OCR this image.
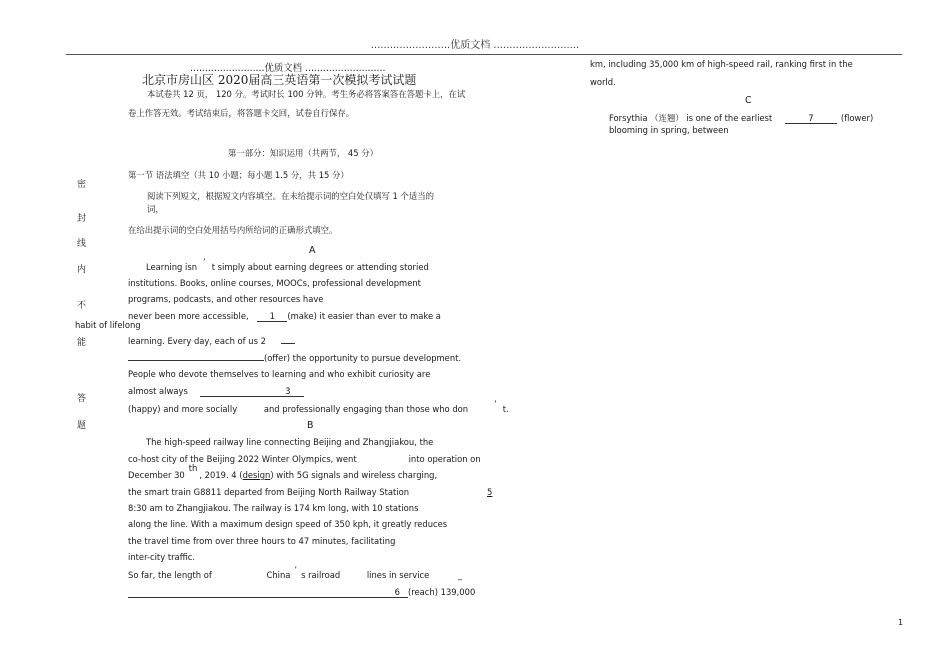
.........................优质文档 ...........................
.........................优质文档 ...........................
北京市房山区 2020届高三英语第一次模拟考试试题
本试卷共 12 页， 120 分。考试时长 100 分钟。考生务必将答案答在答题卡上，在试
卷上作答无效。考试结束后，将答题卡交回，试卷自行保存。
第一部分：知识运用（共两节， 45 分）
第一节 语法填空（共 10 小题；每小题 1.5 分，共 15 分）
阅读下列短文，根据短文内容填空。在未给提示词的空白处仅填写 1 个适当的
词，
在给出提示词的空白处用括号内所给词的正确形式填空。
A
Learning isn ’ t simply about earning degrees or attending storied
institutions. Books, online courses, MOOCs, professional development
programs, podcasts, and other resources have
never been more accessible,	1 (make) it easier than ever to make a
habit of lifelong
learning. Every day, each of us 2
(offer) the opportunity to pursue development.
People who devote themselves to learning and who exhibit curiosity are
almost always	3
(happy) and more socially	and professionally engaging than those who don	’ t.
B
The high-speed railway line connecting Beijing and Zhangjiakou, the
co-host city of the Beijing 2022 Winter Olympics, went	into operation on
December 30th, 2019. 4 (design) with 5G signals and wireless charging,
the smart train G8811 departed from Beijing North Railway Station	5
8:30 am to Zhangjiakou. The railway is 174 km long, with 10 stations
along the line. With a maximum design speed of 350 kph, it greatly reduces
the travel time from over three hours to 47 minutes, facilitating
inter-city traffic.
So far, the length of	China ’ s railroad	lines in service	_
6 (reach) 139,000
密
封
线
内
不
能
答
题
km, including 35,000 km of high-speed rail, ranking first in the
world.
C
Forsythia （连翘） is one of the earliest	7	(flower)
blooming in spring, between
1
